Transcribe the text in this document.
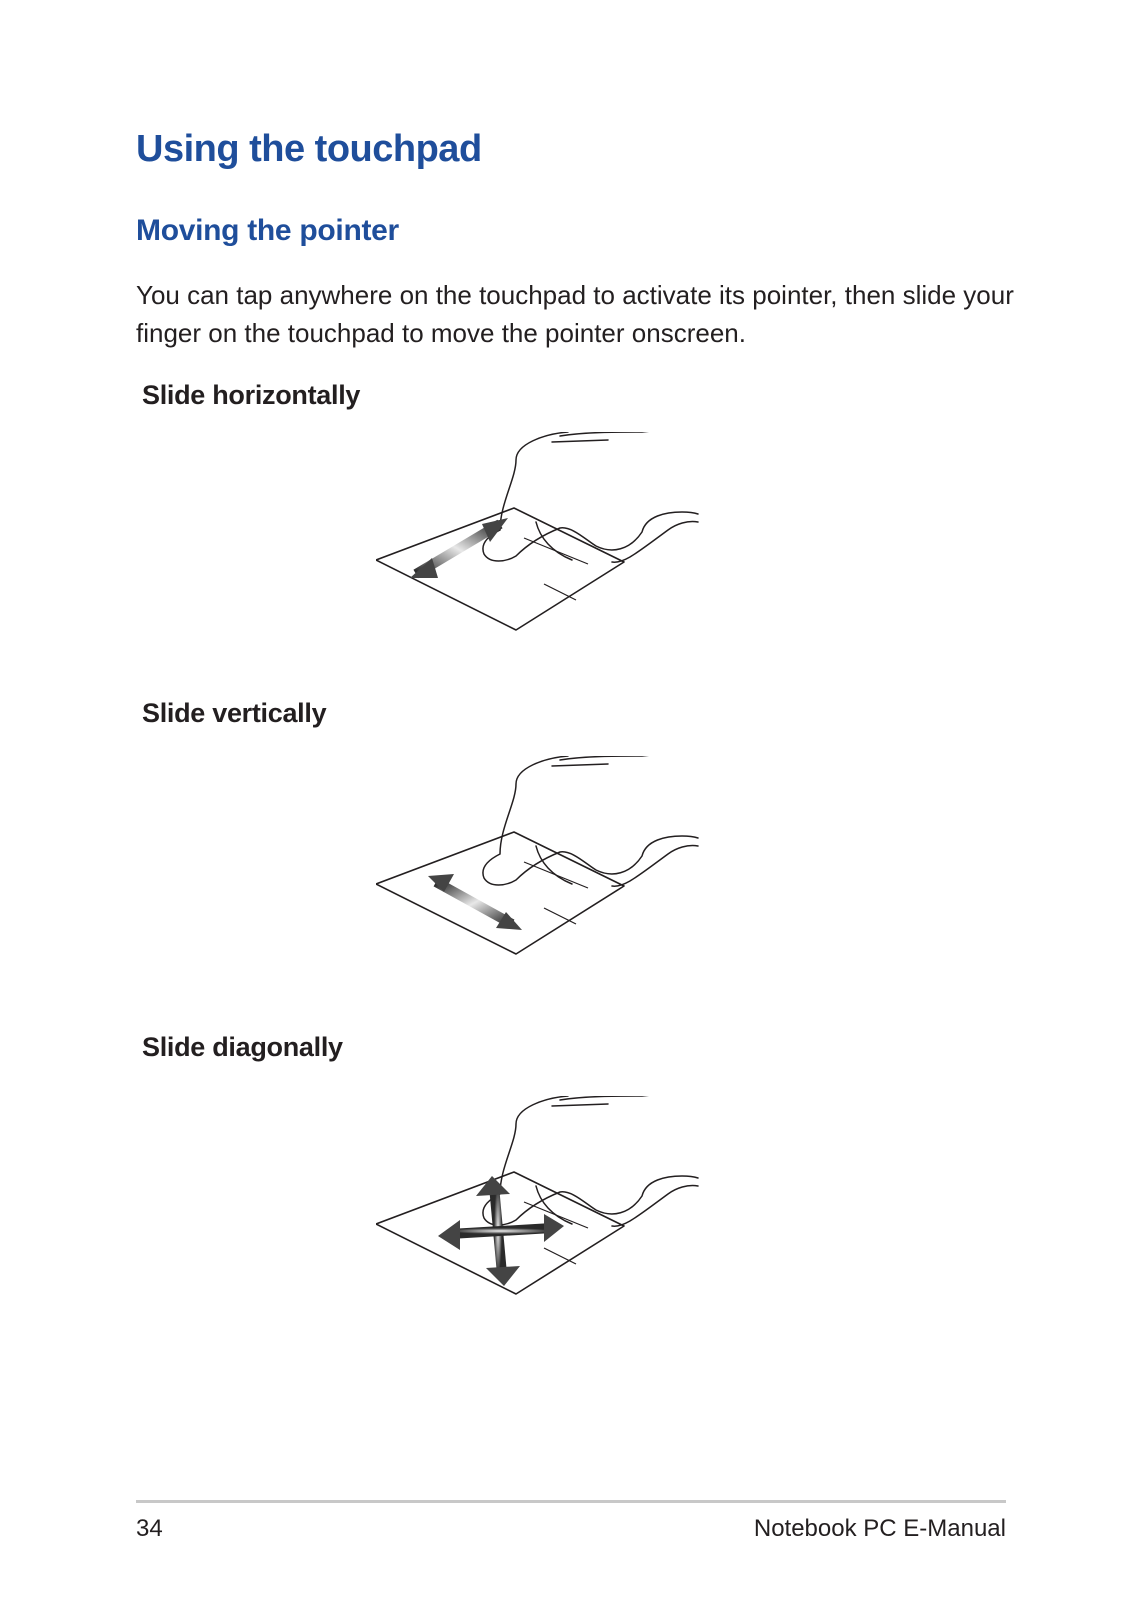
Using the touchpad
Moving the pointer

You can tap anywhere on the touchpad to activate its pointer, then slide your finger on the touchpad to move the pointer onscreen.

Slide horizontally
Slide vertically
Slide diagonally
34	Notebook PC E-Manual
